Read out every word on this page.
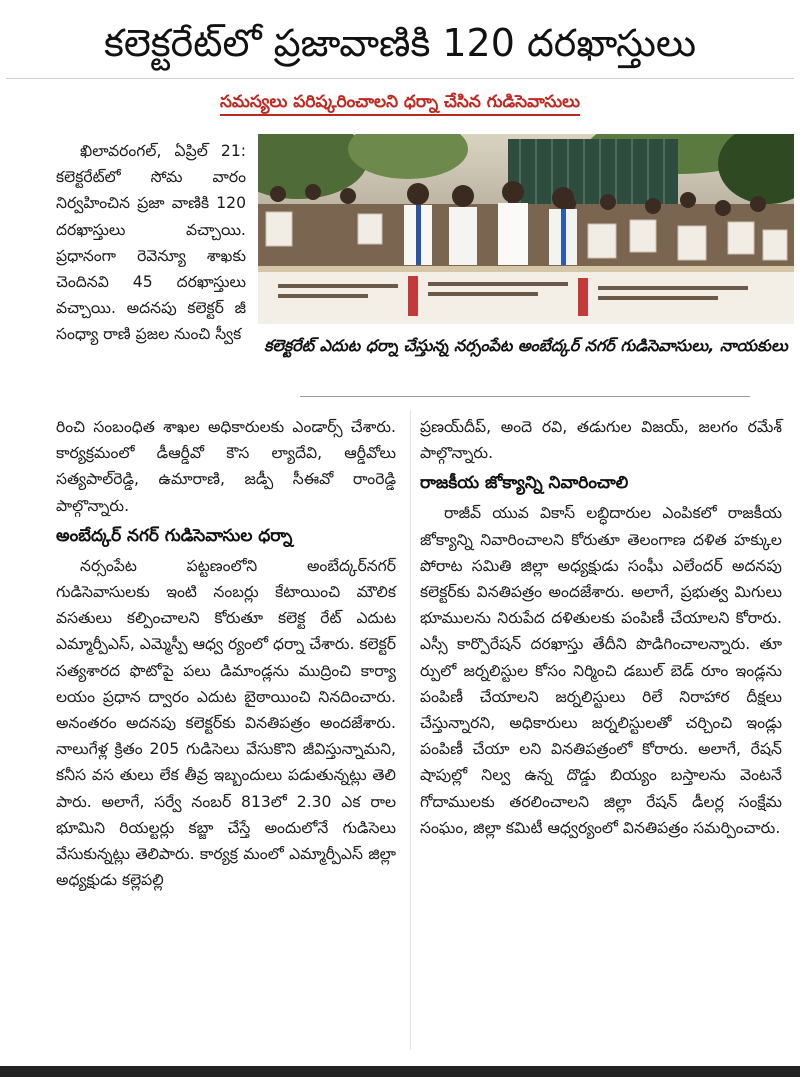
కలెక్టరేట్‌లో ప్రజావాణికి 120 దరఖాస్తులు
సమస్యలు పరిష్కరించాలని ధర్నా చేసిన గుడిసెవాసులు
కలెక్టరేట్ ఎదుట ధర్నా చేస్తున్న నర్సంపేట అంబేద్కర్ నగర్ గుడిసెవాసులు, నాయకులు

ఖిలావరంగల్, ఏప్రిల్ 21: కలెక్టరేట్‌లో సోమ వారం నిర్వహించిన ప్రజా వాణికి 120 దరఖాస్తులు వచ్చాయి. ప్రధానంగా రెవెన్యూ శాఖకు చెందినవి 45 దరఖాస్తులు వచ్చాయి. అదనపు కలెక్టర్ జీ సంధ్యా రాణి ప్రజల నుంచి స్వీక

రించి సంబంధిత శాఖల అధికారులకు ఎండార్స్ చేశారు. కార్యక్రమంలో డీఆర్డీవో కౌస ల్యాదేవి, ఆర్డీవోలు సత్యపాల్‌రెడ్డి, ఉమారాణి, జడ్పీ సీఈవో రాంరెడ్డి పాల్గొన్నారు.

అంబేద్కర్ నగర్ గుడిసెవాసుల ధర్నా

నర్సంపేట పట్టణంలోని అంబేద్కర్‌నగర్ గుడిసెవాసులకు ఇంటి నంబర్లు కేటాయించి మౌలిక వసతులు కల్పించాలని కోరుతూ కలెక్ట రేట్ ఎదుట ఎమ్మార్పీఎస్, ఎమ్మెస్పీ ఆధ్వ ర్యంలో ధర్నా చేశారు. కలెక్టర్ సత్యశారద ఫొటోపై పలు డిమాండ్లను ముద్రించి కార్యా లయం ప్రధాన ద్వారం ఎదుట బైఠాయించి నినదించారు. అనంతరం అదనపు కలెక్టర్‌కు వినతిపత్రం అందజేశారు. నాలుగేళ్ల క్రితం 205 గుడిసెలు వేసుకొని జీవిస్తున్నామని, కనీస వస తులు లేక తీవ్ర ఇబ్బందులు పడుతున్నట్లు తెలి పారు. అలాగే, సర్వే నంబర్ 813లో 2.30 ఎక రాల భూమిని రియల్టర్లు కబ్జా చేస్తే అందులోనే గుడిసెలు వేసుకున్నట్లు తెలిపారు. కార్యక్ర మంలో ఎమ్మార్పీఎస్ జిల్లా అధ్యక్షుడు కల్లెపల్లి

ప్రణయ్‌దీప్, అందె రవి, తడుగుల విజయ్, జలగం రమేశ్ పాల్గొన్నారు.

రాజకీయ జోక్యాన్ని నివారించాలి

రాజీవ్ యువ వికాస్ లబ్ధిదారుల ఎంపికలో రాజకీయ జోక్యాన్ని నివారించాలని కోరుతూ తెలంగాణ దళిత హక్కుల పోరాట సమితి జిల్లా అధ్యక్షుడు సంఘీ ఎలేందర్ అదనపు కలెక్టర్‌కు వినతిపత్రం అందజేశారు. అలాగే, ప్రభుత్వ మిగులు భూములను నిరుపేద దళితులకు పంపిణీ చేయాలని కోరారు. ఎస్సీ కార్పొరేషన్ దరఖాస్తు తేదీని పొడిగించాలన్నారు. తూ ర్పులో జర్నలిస్టుల కోసం నిర్మించి డబుల్ బెడ్ రూం ఇండ్లను పంపిణీ చేయాలని జర్నలిస్టులు రిలే నిరాహార దీక్షలు చేస్తున్నారని, అధికారులు జర్నలిస్టులతో చర్చించి ఇండ్లు పంపిణీ చేయా లని వినతిపత్రంలో కోరారు. అలాగే, రేషన్ షాపుల్లో నిల్వ ఉన్న దొడ్డు బియ్యం బస్తాలను వెంటనే గోదాములకు తరలించాలని జిల్లా రేషన్ డీలర్ల సంక్షేమ సంఘం, జిల్లా కమిటీ ఆధ్వర్యంలో వినతిపత్రం సమర్పించారు.
